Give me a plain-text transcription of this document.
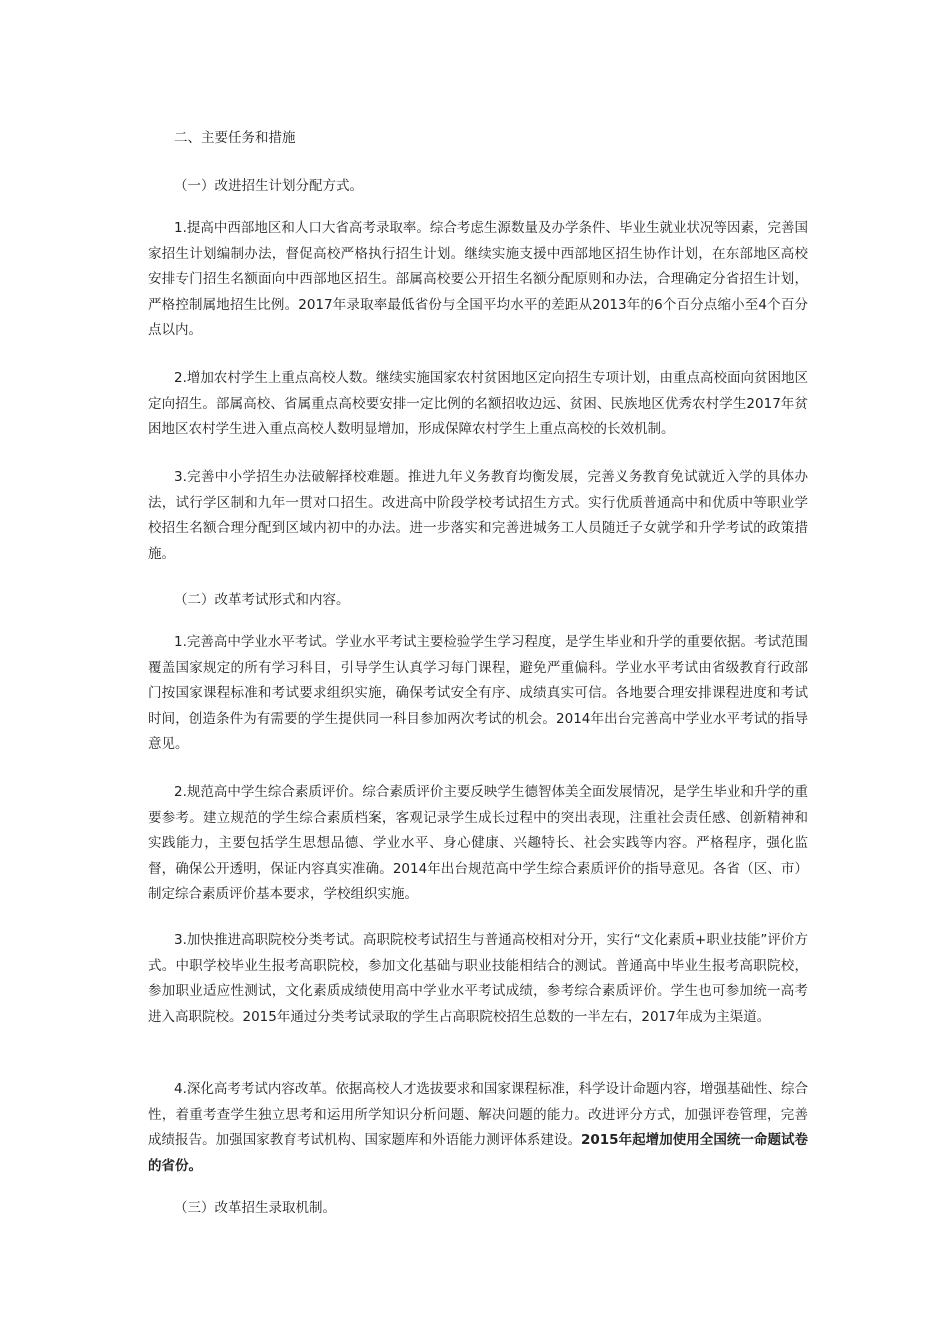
二、主要任务和措施
（一）改进招生计划分配方式。
1.提高中西部地区和人口大省高考录取率。综合考虑生源数量及办学条件、毕业生就业状况等因素，完善国家招生计划编制办法，督促高校严格执行招生计划。继续实施支援中西部地区招生协作计划，在东部地区高校安排专门招生名额面向中西部地区招生。部属高校要公开招生名额分配原则和办法，合理确定分省招生计划，严格控制属地招生比例。2017年录取率最低省份与全国平均水平的差距从2013年的6个百分点缩小至4个百分点以内。
2.增加农村学生上重点高校人数。继续实施国家农村贫困地区定向招生专项计划，由重点高校面向贫困地区定向招生。部属高校、省属重点高校要安排一定比例的名额招收边远、贫困、民族地区优秀农村学生2017年贫困地区农村学生进入重点高校人数明显增加，形成保障农村学生上重点高校的长效机制。
3.完善中小学招生办法破解择校难题。推进九年义务教育均衡发展，完善义务教育免试就近入学的具体办法，试行学区制和九年一贯对口招生。改进高中阶段学校考试招生方式。实行优质普通高中和优质中等职业学校招生名额合理分配到区域内初中的办法。进一步落实和完善进城务工人员随迁子女就学和升学考试的政策措施。
（二）改革考试形式和内容。
1.完善高中学业水平考试。学业水平考试主要检验学生学习程度，是学生毕业和升学的重要依据。考试范围覆盖国家规定的所有学习科目，引导学生认真学习每门课程，避免严重偏科。学业水平考试由省级教育行政部门按国家课程标准和考试要求组织实施，确保考试安全有序、成绩真实可信。各地要合理安排课程进度和考试时间，创造条件为有需要的学生提供同一科目参加两次考试的机会。2014年出台完善高中学业水平考试的指导意见。
2.规范高中学生综合素质评价。综合素质评价主要反映学生德智体美全面发展情况，是学生毕业和升学的重要参考。建立规范的学生综合素质档案，客观记录学生成长过程中的突出表现，注重社会责任感、创新精神和实践能力，主要包括学生思想品德、学业水平、身心健康、兴趣特长、社会实践等内容。严格程序，强化监督，确保公开透明，保证内容真实准确。2014年出台规范高中学生综合素质评价的指导意见。各省（区、市）制定综合素质评价基本要求，学校组织实施。
3.加快推进高职院校分类考试。高职院校考试招生与普通高校相对分开，实行“文化素质+职业技能”评价方式。中职学校毕业生报考高职院校，参加文化基础与职业技能相结合的测试。普通高中毕业生报考高职院校，参加职业适应性测试，文化素质成绩使用高中学业水平考试成绩，参考综合素质评价。学生也可参加统一高考进入高职院校。2015年通过分类考试录取的学生占高职院校招生总数的一半左右，2017年成为主渠道。
4.深化高考考试内容改革。依据高校人才选拔要求和国家课程标准，科学设计命题内容，增强基础性、综合性，着重考查学生独立思考和运用所学知识分析问题、解决问题的能力。改进评分方式，加强评卷管理，完善成绩报告。加强国家教育考试机构、国家题库和外语能力测评体系建设。2015年起增加使用全国统一命题试卷的省份。
（三）改革招生录取机制。
